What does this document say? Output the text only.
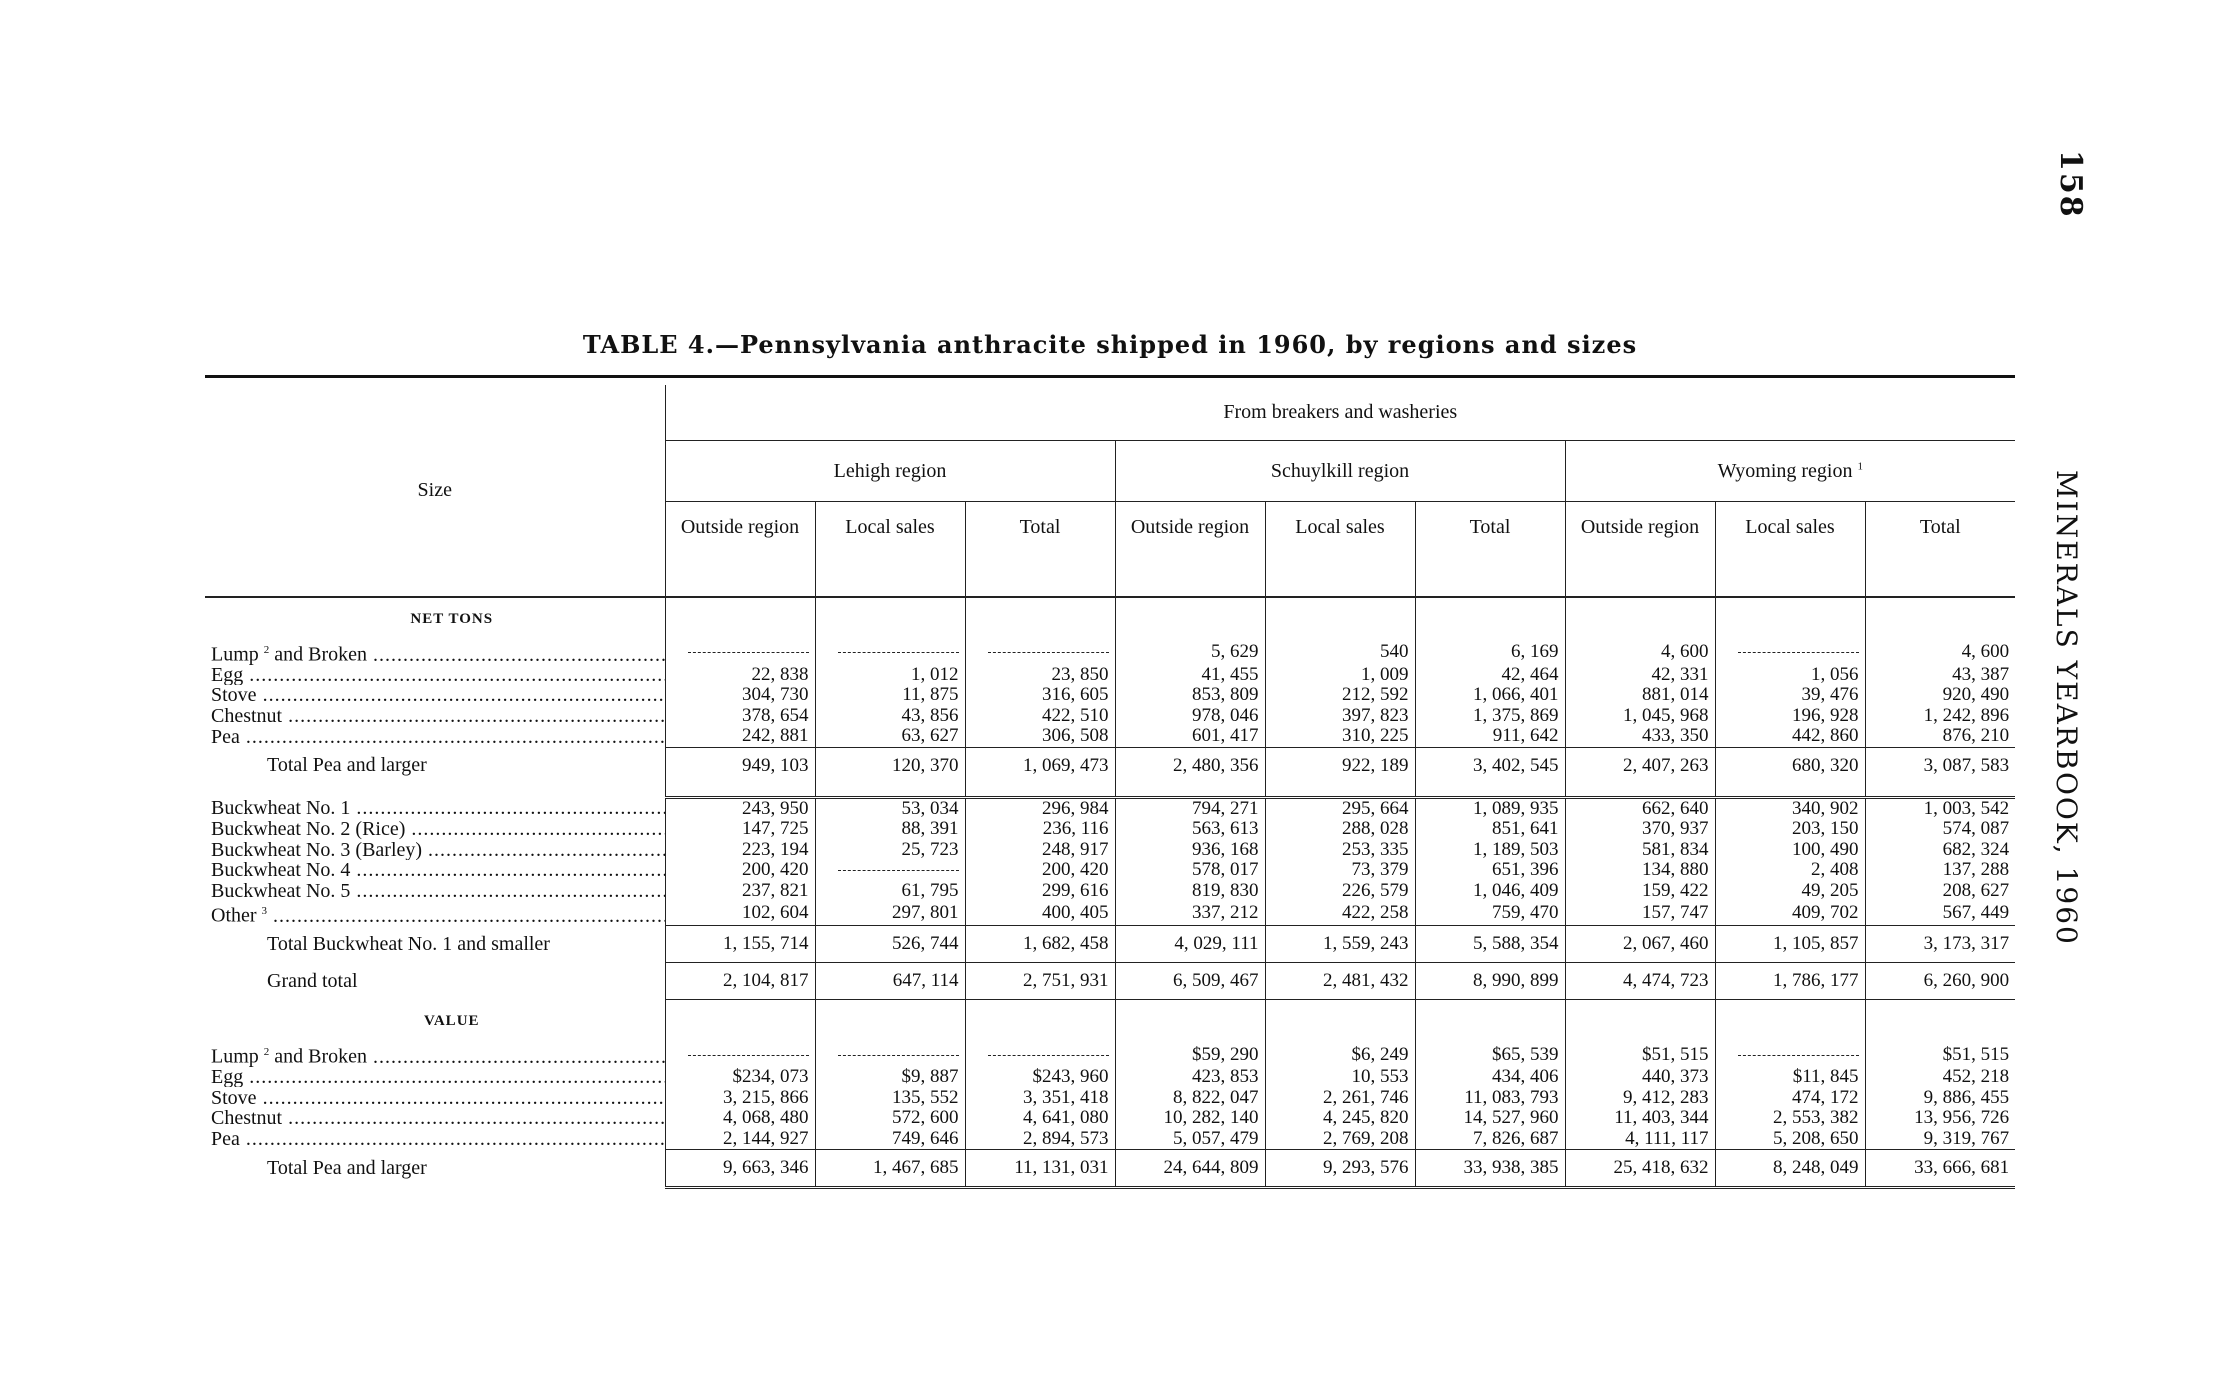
158
MINERALS YEARBOOK, 1960
TABLE 4.—Pennsylvania anthracite shipped in 1960, by regions and sizes
Size	From breakers and washeries								
	Lehigh region			Schuylkill region			Wyoming region $^1$
	Outside region	Local sales	Total	Outside region	Local sales	Total	Outside region	Local sales	Total
NET TONS									
Lump $^2$ and Broken .....				5, 629	540	6, 169	4, 600		4, 600
Egg .....	22, 838	1, 012	23, 850	41, 455	1, 009	42, 464	42, 331	1, 056	43, 387
Stove .....	304, 730	11, 875	316, 605	853, 809	212, 592	1, 066, 401	881, 014	39, 476	920, 490
Chestnut .....	378, 654	43, 856	422, 510	978, 046	397, 823	1, 375, 869	1, 045, 968	196, 928	1, 242, 896
Pea .....	242, 881	63, 627	306, 508	601, 417	310, 225	911, 642	433, 350	442, 860	876, 210
Total Pea and larger	949, 103	120, 370	1, 069, 473	2, 480, 356	922, 189	3, 402, 545	2, 407, 263	680, 320	3, 087, 583

Buckwheat No. 1 .....	243, 950	53, 034	296, 984	794, 271	295, 664	1, 089, 935	662, 640	340, 902	1, 003, 542
Buckwheat No. 2 (Rice) .....	147, 725	88, 391	236, 116	563, 613	288, 028	851, 641	370, 937	203, 150	574, 087
Buckwheat No. 3 (Barley) .....	223, 194	25, 723	248, 917	936, 168	253, 335	1, 189, 503	581, 834	100, 490	682, 324
Buckwheat No. 4 .....	200, 420		200, 420	578, 017	73, 379	651, 396	134, 880	2, 408	137, 288
Buckwheat No. 5 .....	237, 821	61, 795	299, 616	819, 830	226, 579	1, 046, 409	159, 422	49, 205	208, 627
Other $^3$ .....	102, 604	297, 801	400, 405	337, 212	422, 258	759, 470	157, 747	409, 702	567, 449
Total Buckwheat No. 1 and smaller	1, 155, 714	526, 744	1, 682, 458	4, 029, 111	1, 559, 243	5, 588, 354	2, 067, 460	1, 105, 857	3, 173, 317
Grand total	2, 104, 817	647, 114	2, 751, 931	6, 509, 467	2, 481, 432	8, 990, 899	4, 474, 723	1, 786, 177	6, 260, 900
VALUE									
Lump $^2$ and Broken .....				$59, 290	$6, 249	$65, 539	$51, 515		$51, 515
Egg .....	$234, 073	$9, 887	$243, 960	423, 853	10, 553	434, 406	440, 373	$11, 845	452, 218
Stove .....	3, 215, 866	135, 552	3, 351, 418	8, 822, 047	2, 261, 746	11, 083, 793	9, 412, 283	474, 172	9, 886, 455
Chestnut .....	4, 068, 480	572, 600	4, 641, 080	10, 282, 140	4, 245, 820	14, 527, 960	11, 403, 344	2, 553, 382	13, 956, 726
Pea .....	2, 144, 927	749, 646	2, 894, 573	5, 057, 479	2, 769, 208	7, 826, 687	4, 111, 117	5, 208, 650	9, 319, 767
Total Pea and larger	9, 663, 346	1, 467, 685	11, 131, 031	24, 644, 809	9, 293, 576	33, 938, 385	25, 418, 632	8, 248, 049	33, 666, 681
